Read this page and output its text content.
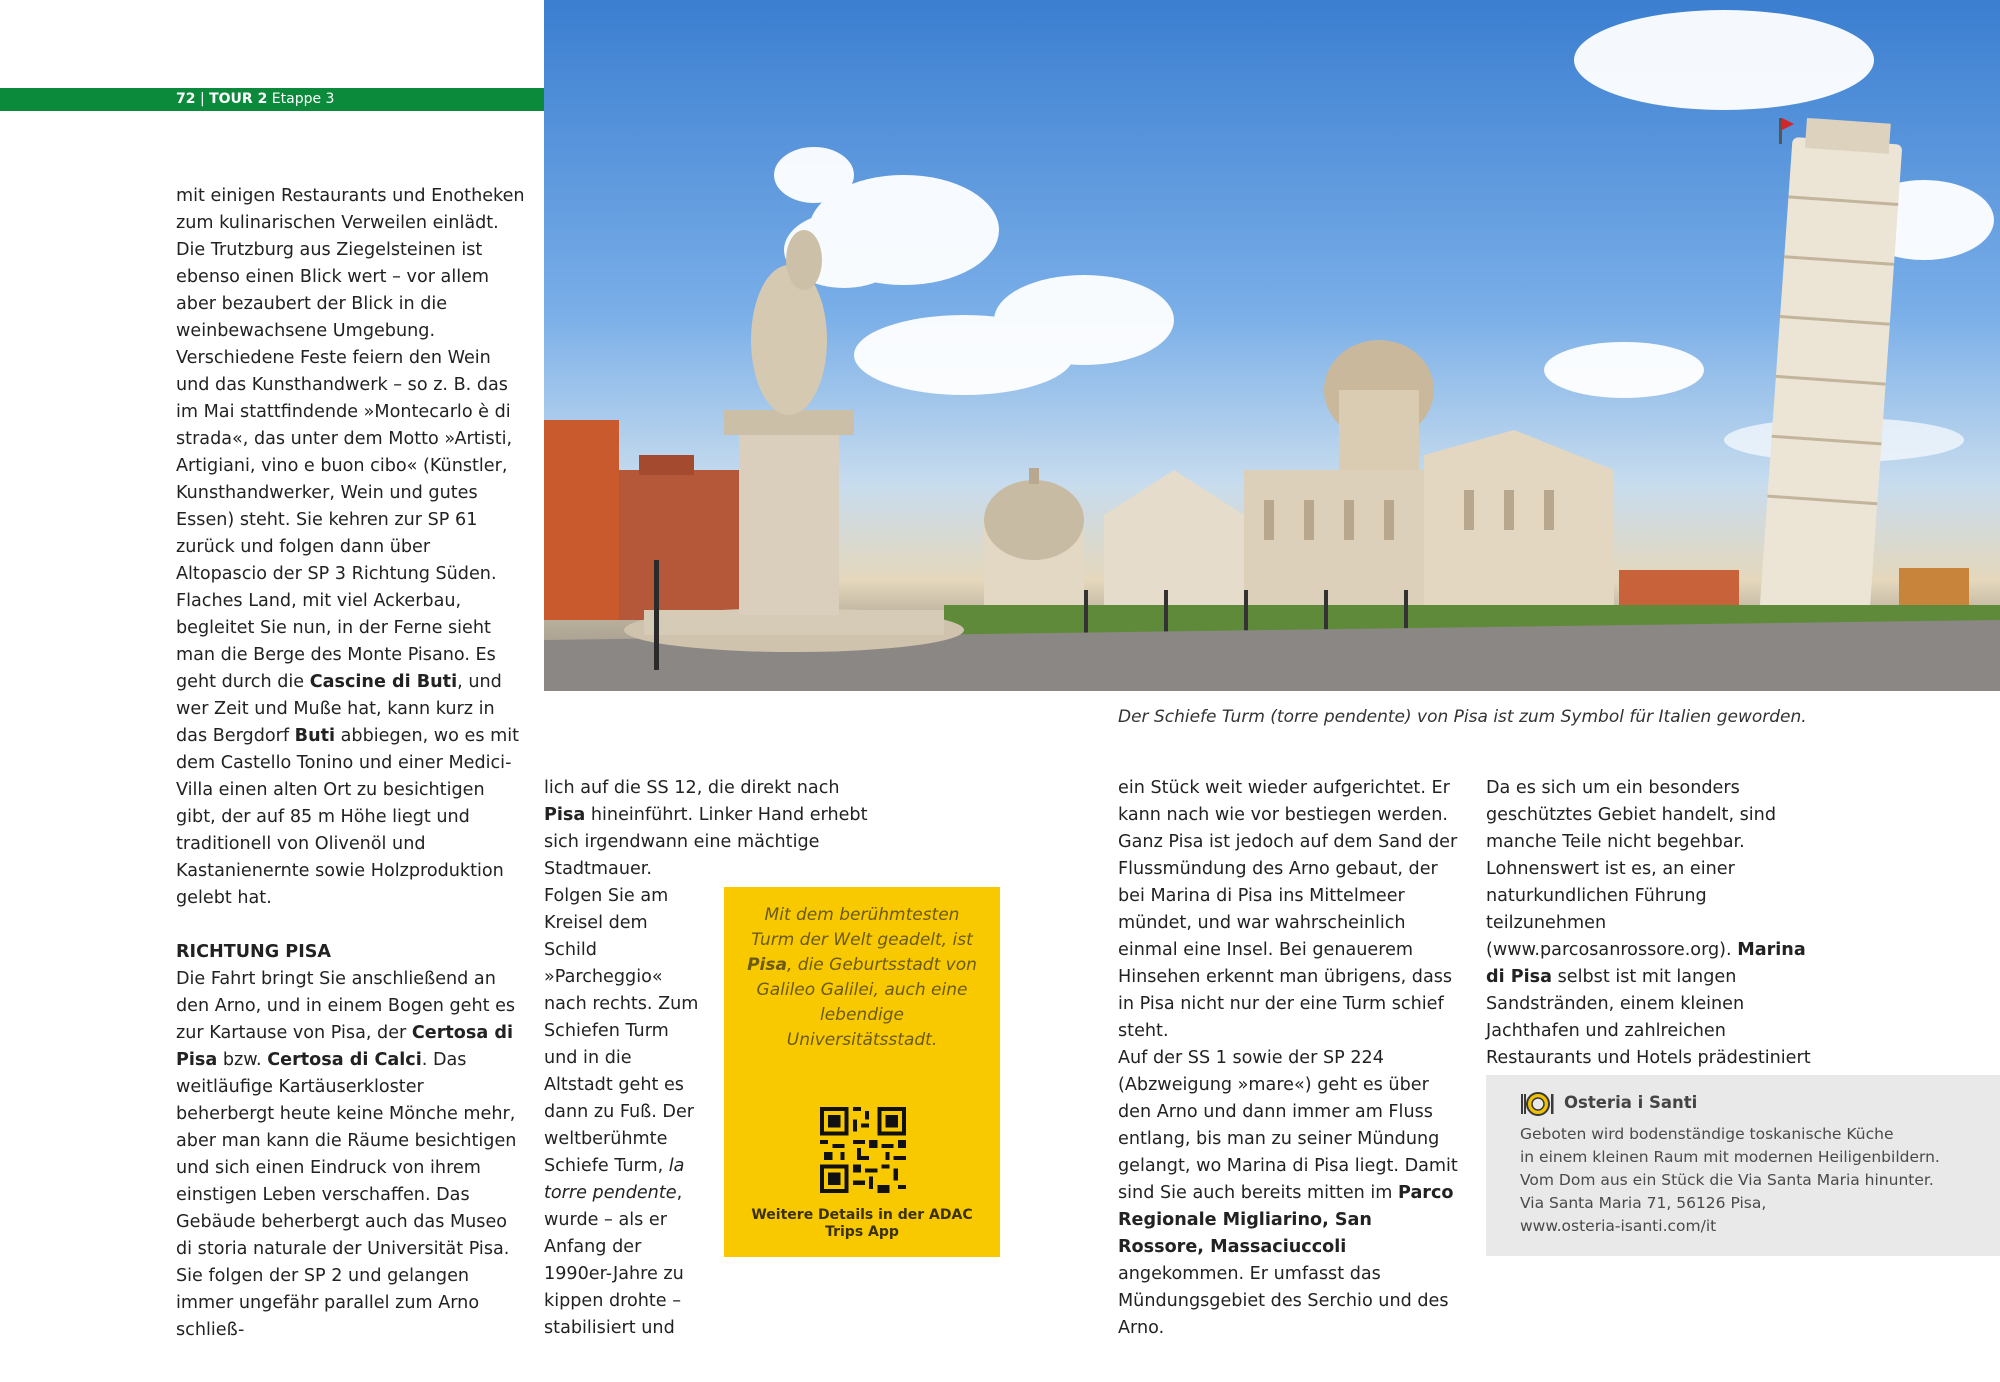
72 | TOUR 2 Etappe 3

mit einigen Restaurants und Enotheken zum kulinarischen Verweilen einlädt. Die Trutzburg aus Ziegelsteinen ist ebenso einen Blick wert – vor allem aber bezaubert der Blick in die weinbewachsene Umgebung. Verschiedene Feste feiern den Wein und das Kunsthandwerk – so z. B. das im Mai stattfindende »Montecarlo è di strada«, das unter dem Motto »Artisti, Artigiani, vino e buon cibo« (Künstler, Kunsthandwerker, Wein und gutes Essen) steht. Sie kehren zur SP 61 zurück und folgen dann über Altopascio der SP 3 Richtung Süden. Flaches Land, mit viel Ackerbau, begleitet Sie nun, in der Ferne sieht man die Berge des Monte Pisano. Es geht durch die Cascine di Buti, und wer Zeit und Muße hat, kann kurz in das Bergdorf Buti abbiegen, wo es mit dem Castello Tonino und einer Medici-Villa einen alten Ort zu besichtigen gibt, der auf 85 m Höhe liegt und traditionell von Olivenöl und Kastanienernte sowie Holzproduktion gelebt hat.

RICHTUNG PISA

Die Fahrt bringt Sie anschließend an den Arno, und in einem Bogen geht es zur Kartause von Pisa, der Certosa di Pisa bzw. Certosa di Calci. Das weitläufige Kartäuserkloster beherbergt heute keine Mönche mehr, aber man kann die Räume besichtigen und sich einen Eindruck von ihrem einstigen Leben verschaffen. Das Gebäude beherbergt auch das Museo di storia naturale der Universität Pisa.

Sie folgen der SP 2 und gelangen immer ungefähr parallel zum Arno schließ-

Der Schiefe Turm (torre pendente) von Pisa ist zum Symbol für Italien geworden.

lich auf die SS 12, die direkt nach Pisa hineinführt. Linker Hand erhebt sich irgendwann eine mächtige Stadtmauer.

Folgen Sie am Kreisel dem Schild »Parcheggio« nach rechts. Zum Schiefen Turm und in die Altstadt geht es dann zu Fuß. Der weltberühmte Schiefe Turm, la torre pendente, wurde – als er Anfang der 1990er-Jahre zu kippen drohte – stabilisiert und

Mit dem berühmtesten Turm der Welt geadelt, ist Pisa, die Geburtsstadt von Galileo Galilei, auch eine lebendige Universitätsstadt.
Weitere Details in der ADAC Trips App

ein Stück weit wieder aufgerichtet. Er kann nach wie vor bestiegen werden. Ganz Pisa ist jedoch auf dem Sand der Flussmündung des Arno gebaut, der bei Marina di Pisa ins Mittelmeer mündet, und war wahrscheinlich einmal eine Insel. Bei genauerem Hinsehen erkennt man übrigens, dass in Pisa nicht nur der eine Turm schief steht.

Auf der SS 1 sowie der SP 224 (Abzweigung »mare«) geht es über den Arno und dann immer am Fluss entlang, bis man zu seiner Mündung gelangt, wo Marina di Pisa liegt. Damit sind Sie auch bereits mitten im Parco Regionale Migliarino, San Rossore, Massaciuccoli angekommen. Er umfasst das Mündungsgebiet des Serchio und des Arno.

Da es sich um ein besonders geschütztes Gebiet handelt, sind manche Teile nicht begehbar. Lohnenswert ist es, an einer naturkundlichen Führung teilzunehmen (www.parcosanrossore.org). Marina di Pisa selbst ist mit langen Sandstränden, einem kleinen Jachthafen und zahlreichen Restaurants und Hotels prädestiniert

Osteria i Santi

Geboten wird bodenständige toskanische Küche

in einem kleinen Raum mit modernen Heiligenbildern.

Vom Dom aus ein Stück die Via Santa Maria hinunter.

Via Santa Maria 71, 56126 Pisa,

www.osteria-isanti.com/it
